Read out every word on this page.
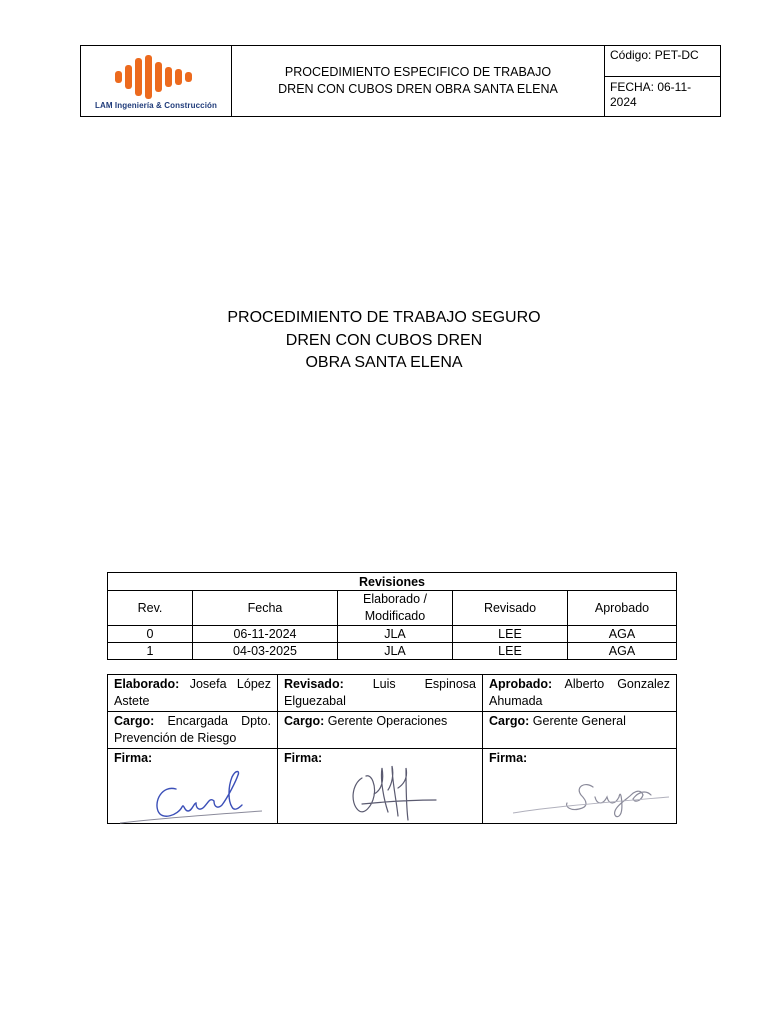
LAM Ingeniería & Construcción

PROCEDIMIENTO ESPECIFICO DE TRABAJO
DREN CON CUBOS DREN OBRA SANTA ELENA
	Código: PET-DC
FECHA: 06-11-2024
PROCEDIMIENTO DE TRABAJO SEGURO
DREN CON CUBOS DREN
OBRA SANTA ELENA
Revisiones				
Rev.	Fecha	Elaborado / Modificado	Revisado	Aprobado
0	06-11-2024	JLA	LEE	AGA
1	04-03-2025	JLA	LEE	AGA
Elaborado: Josefa López Astete	Revisado: Luis Espinosa Elguezabal	Aprobado: Alberto Gonzalez Ahumada
Cargo: Encargada Dpto. Prevención de Riesgo	Cargo: Gerente Operaciones	Cargo: Gerente General
Firma:	Firma:	Firma:
